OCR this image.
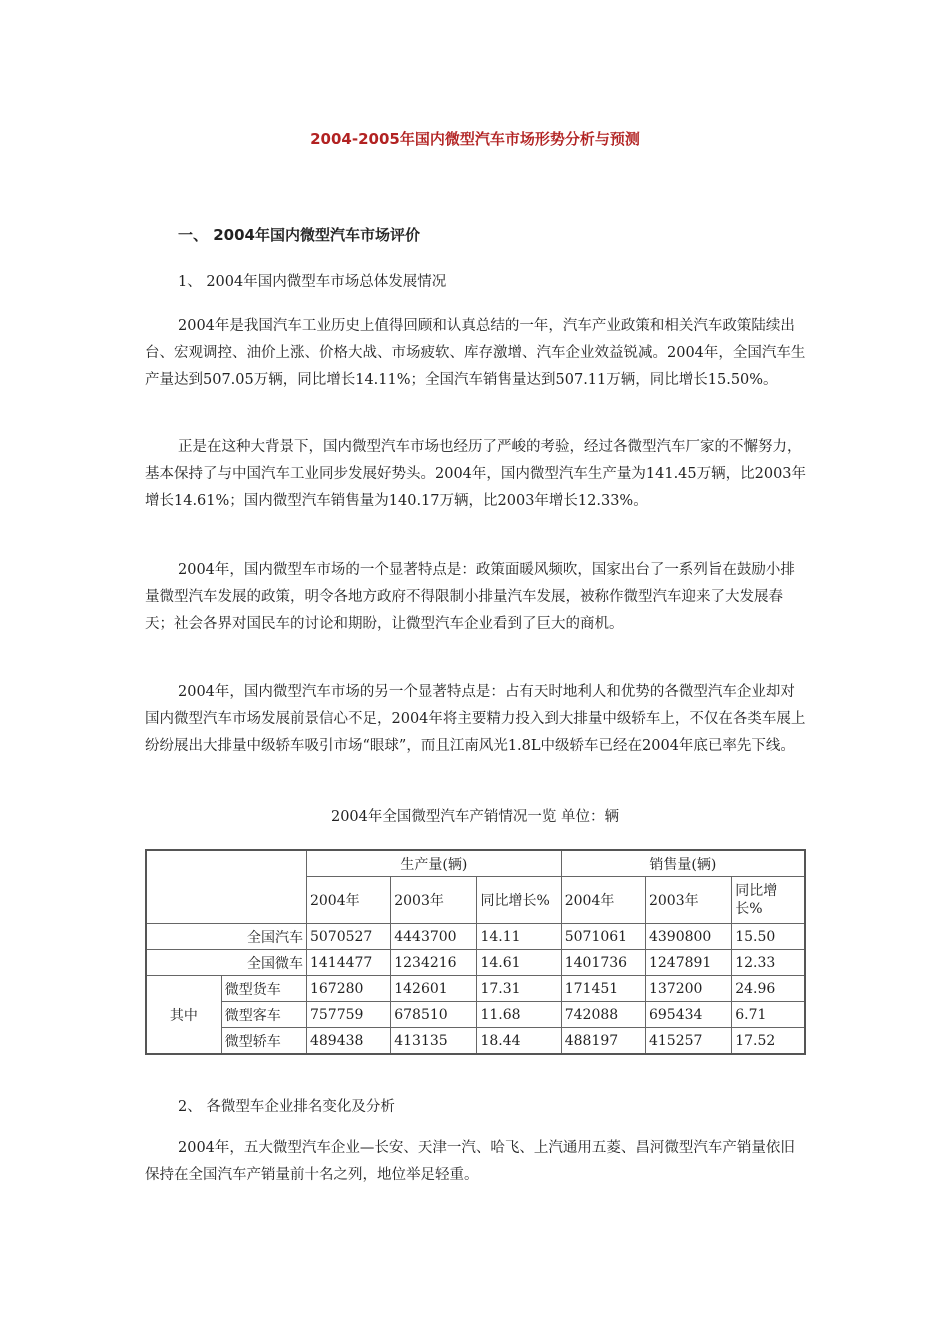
2004-2005年国内微型汽车市场形势分析与预测
一、 2004年国内微型汽车市场评价
1、 2004年国内微型车市场总体发展情况

2004年是我国汽车工业历史上值得回顾和认真总结的一年，汽车产业政策和相关汽车政策陆续出台、宏观调控、油价上涨、价格大战、市场疲软、库存激增、汽车企业效益锐减。2004年，全国汽车生产量达到507.05万辆，同比增长14.11%；全国汽车销售量达到507.11万辆，同比增长15.50%。

正是在这种大背景下，国内微型汽车市场也经历了严峻的考验，经过各微型汽车厂家的不懈努力，基本保持了与中国汽车工业同步发展好势头。2004年，国内微型汽车生产量为141.45万辆，比2003年增长14.61%；国内微型汽车销售量为140.17万辆，比2003年增长12.33%。

2004年，国内微型车市场的一个显著特点是：政策面暖风频吹，国家出台了一系列旨在鼓励小排量微型汽车发展的政策，明令各地方政府不得限制小排量汽车发展，被称作微型汽车迎来了大发展春天；社会各界对国民车的讨论和期盼，让微型汽车企业看到了巨大的商机。

2004年，国内微型汽车市场的另一个显著特点是：占有天时地利人和优势的各微型汽车企业却对国内微型汽车市场发展前景信心不足，2004年将主要精力投入到大排量中级轿车上，不仅在各类车展上纷纷展出大排量中级轿车吸引市场“眼球”，而且江南风光1.8L中级轿车已经在2004年底已率先下线。

2004年全国微型汽车产销情况一览 单位：辆
		生产量(辆)			销售量(辆)		
		2004年	2003年	同比增长%	2004年	2003年	同比增长%
全国汽车		5070527	4443700	14.11	5071061	4390800	15.50
全国微车		1414477	1234216	14.61	1401736	1247891	12.33
其中	微型货车	167280	142601	17.31	171451	137200	24.96
	微型客车	757759	678510	11.68	742088	695434	6.71
	微型轿车	489438	413135	18.44	488197	415257	17.52
2、 各微型车企业排名变化及分析

2004年，五大微型汽车企业—长安、天津一汽、哈飞、上汽通用五菱、昌河微型汽车产销量依旧保持在全国汽车产销量前十名之列，地位举足轻重。
